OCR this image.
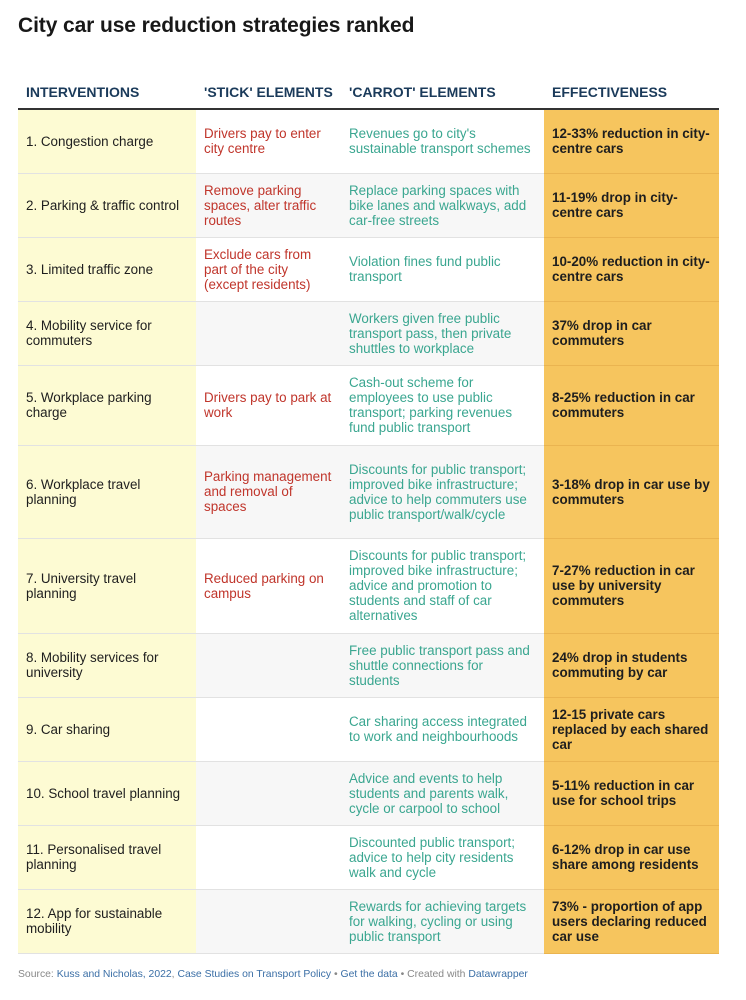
City car use reduction strategies ranked
INTERVENTIONS	'STICK' ELEMENTS	'CARROT' ELEMENTS	EFFECTIVENESS
1. Congestion charge	Drivers pay to enter city centre	Revenues go to city's sustainable transport schemes	12-33% reduction in city-centre cars
2. Parking & traffic control	Remove parking spaces, alter traffic routes	Replace parking spaces with bike lanes and walkways, add car-free streets	11-19% drop in city-centre cars
3. Limited traffic zone	Exclude cars from part of the city (except residents)	Violation fines fund public transport	10-20% reduction in city-centre cars
4. Mobility service for commuters		Workers given free public transport pass, then private shuttles to workplace	37% drop in car commuters
5. Workplace parking charge	Drivers pay to park at work	Cash-out scheme for employees to use public transport; parking revenues fund public transport	8-25% reduction in car commuters
6. Workplace travel planning	Parking management and removal of spaces	Discounts for public transport; improved bike infrastructure; advice to help commuters use public transport/walk/cycle	3-18% drop in car use by commuters
7. University travel planning	Reduced parking on campus	Discounts for public transport; improved bike infrastructure; advice and promotion to students and staff of car alternatives	7-27% reduction in car use by university commuters
8. Mobility services for university		Free public transport pass and shuttle connections for students	24% drop in students commuting by car
9. Car sharing		Car sharing access integrated to work and neighbourhoods	12-15 private cars replaced by each shared car
10. School travel planning		Advice and events to help students and parents walk, cycle or carpool to school	5-11% reduction in car use for school trips
11. Personalised travel planning		Discounted public transport; advice to help city residents walk and cycle	6-12% drop in car use share among residents
12. App for sustainable mobility		Rewards for achieving targets for walking, cycling or using public transport	73% - proportion of app users declaring reduced car use
Source: Kuss and Nicholas, 2022, Case Studies on Transport Policy • Get the data • Created with Datawrapper
